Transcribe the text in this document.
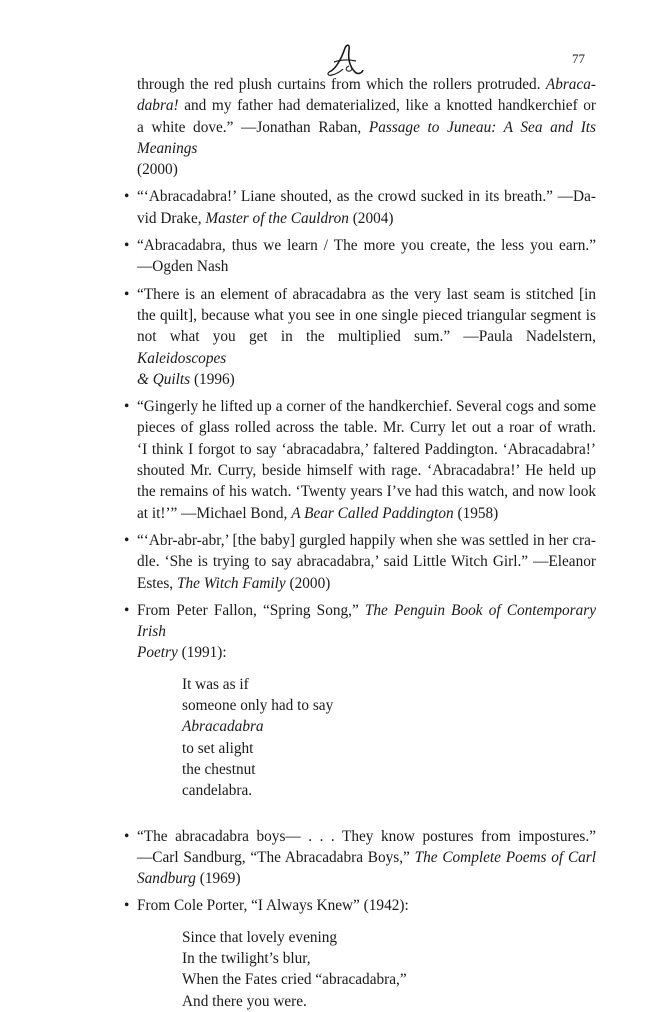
77
through the red plush curtains from which the rollers protruded. Abraca-
dabra! and my father had dematerialized, like a knotted handkerchief or
a white dove.” —Jonathan Raban, Passage to Juneau: A Sea and Its Meanings
(2000)
• “‘Abracadabra!’ Liane shouted, as the crowd sucked in its breath.” —Da-
vid Drake, Master of the Cauldron (2004)
• “Abracadabra, thus we learn / The more you create, the less you earn.”
—Ogden Nash
• “There is an element of abracadabra as the very last seam is stitched [in
the quilt], because what you see in one single pieced triangular segment is
not what you get in the multiplied sum.” —Paula Nadelstern, Kaleidoscopes
& Quilts (1996)
• “Gingerly he lifted up a corner of the handkerchief. Several cogs and some
pieces of glass rolled across the table. Mr. Curry let out a roar of wrath.
‘I think I forgot to say ‘abracadabra,’ faltered Paddington. ‘Abracadabra!’
shouted Mr. Curry, beside himself with rage. ‘Abracadabra!’ He held up
the remains of his watch. ‘Twenty years I’ve had this watch, and now look
at it!’” —Michael Bond, A Bear Called Paddington (1958)
• “‘Abr-abr-abr,’ [the baby] gurgled happily when she was settled in her cra-
dle. ‘She is trying to say abracadabra,’ said Little Witch Girl.” —Eleanor
Estes, The Witch Family (2000)
• From Peter Fallon, “Spring Song,” The Penguin Book of Contemporary Irish
Poetry (1991):
It was as if
someone only had to say
Abracadabra
to set alight
the chestnut
candelabra.
• “The abracadabra boys— . . . They know postures from impostures.”
—Carl Sandburg, “The Abracadabra Boys,” The Complete Poems of Carl
Sandburg (1969)
• From Cole Porter, “I Always Knew” (1942):
Since that lovely evening
In the twilight’s blur,
When the Fates cried “abracadabra,”
And there you were.
